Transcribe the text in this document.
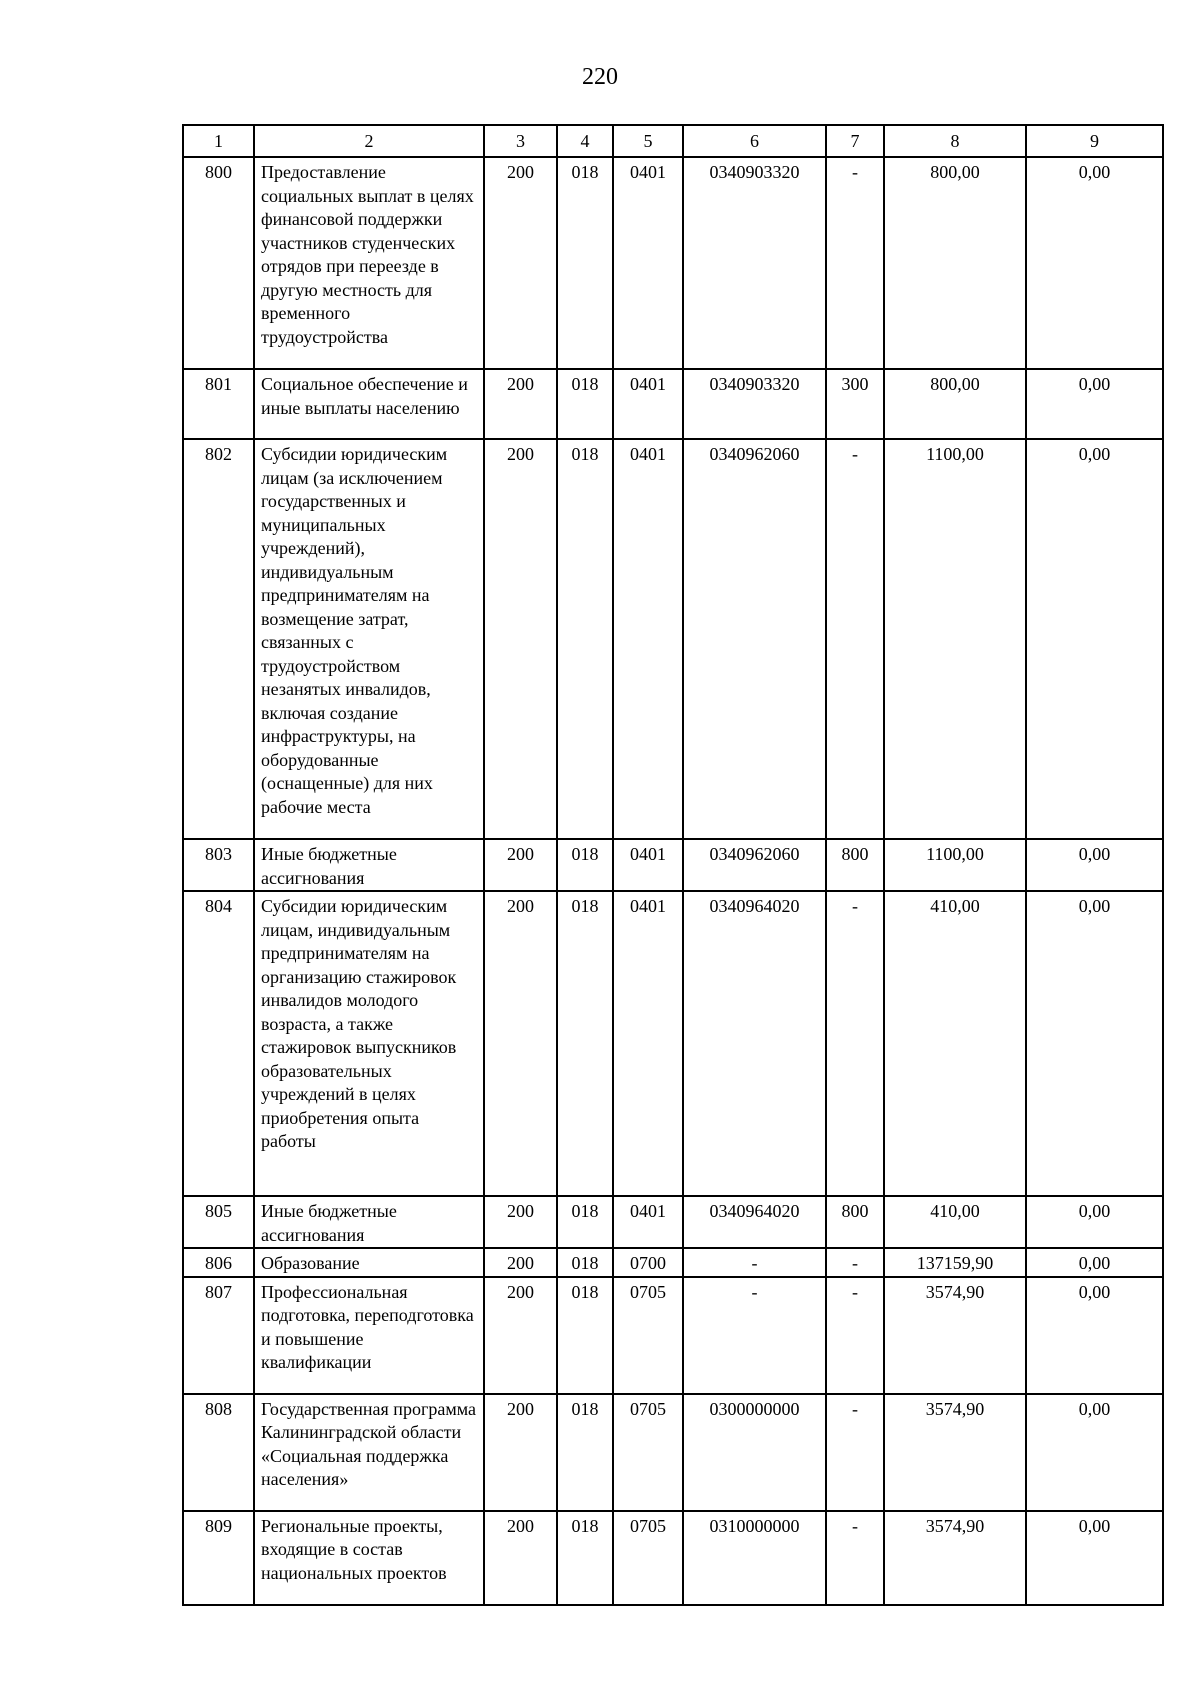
220
1	2	3	4	5	6	7	8	9
800	Предоставление социальных выплат в целях финансовой поддержки участников студенческих отрядов при переезде в другую местность для временного трудоустройства	200	018	0401	0340903320	-	800,00	0,00
801	Социальное обеспечение и иные выплаты населению	200	018	0401	0340903320	300	800,00	0,00
802	Субсидии юридическим лицам (за исключением государственных и муниципальных учреждений), индивидуальным предпринимателям на возмещение затрат, связанных с трудоустройством незанятых инвалидов, включая создание инфраструктуры, на оборудованные (оснащенные) для них рабочие места	200	018	0401	0340962060	-	1100,00	0,00
803	Иные бюджетные ассигнования	200	018	0401	0340962060	800	1100,00	0,00
804	Субсидии юридическим лицам, индивидуальным предпринимателям на организацию стажировок инвалидов молодого возраста, а также стажировок выпускников образовательных учреждений в целях приобретения опыта работы	200	018	0401	0340964020	-	410,00	0,00
805	Иные бюджетные ассигнования	200	018	0401	0340964020	800	410,00	0,00
806	Образование	200	018	0700	-	-	137159,90	0,00
807	Профессиональная подготовка, переподготовка и повышение квалификации	200	018	0705	-	-	3574,90	0,00
808	Государственная программа Калининградской области «Социальная поддержка населения»	200	018	0705	0300000000	-	3574,90	0,00
809	Региональные проекты, входящие в состав национальных проектов	200	018	0705	0310000000	-	3574,90	0,00
